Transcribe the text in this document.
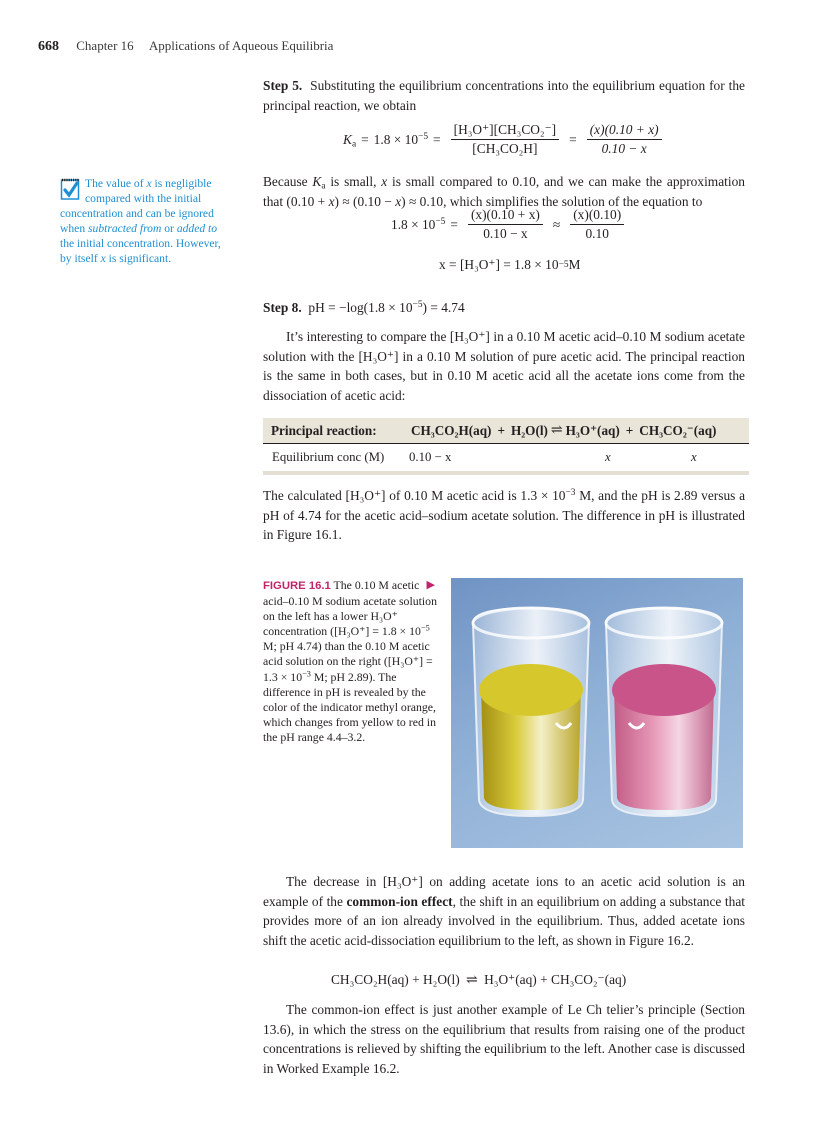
668 Chapter 16 Applications of Aqueous Equilibria

Step 5. Substituting the equilibrium concentrations into the equilibrium equation for the principal reaction, we obtain

$K_a = 1.8 \times 10^{-5} = \frac{\text{[H₃O⁺][CH₃CO₂⁻]}}{\text{[CH₃CO₂H]}} = \frac{(x)(0.10 + x)}{0.10 - x}$

The value of x is negligible compared with the initial concentration and can be ignored when subtracted from or added to the initial concentration. However, by itself x is significant.

Because $K_a$ is small, x is small compared to 0.10, and we can make the approximation that (0.10 + x) ≈ (0.10 − x) ≈ 0.10, which simplifies the solution of the equation to

$1.8 \times 10^{-5} = \frac{(x)(0.10 + x)}{0.10 - x} \approx \frac{(x)(0.10)}{0.10}$
x = [H₃O⁺] = 1.8 × 10 −5 M

Step 8. pH = $-\log(1.8 \times 10^{-5}) = 4.74$

It’s interesting to compare the [H₃O⁺] in a 0.10 M acetic acid–0.10 M sodium acetate solution with the [H₃O⁺] in a 0.10 M solution of pure acetic acid. The principal reaction is the same in both cases, but in 0.10 M acetic acid all the acetate ions come from the dissociation of acetic acid:

Principal reaction:	CH₃CO₂H(aq) + H₂O(l) ⇌ H₃O⁺(aq) + CH₃CO₂⁻(aq)
Equilibrium conc (M)	0.10 − x	x	x

The calculated [H₃O⁺] of 0.10 M acetic acid is $1.3 \times 10^{-3}$ M, and the pH is 2.89 versus a pH of 4.74 for the acetic acid–sodium acetate solution. The difference in pH is illustrated in Figure 16.1.

▶
FIGURE 16.1 The 0.10 M acetic acid–0.10 M sodium acetate solution on the left has a lower H₃O⁺ concentration ($[H_3O^+] = 1.8 \times 10^{-5}$ M; pH 4.74) than the 0.10 M acetic acid solution on the right ($[H_3O^+] = 1.3 \times 10^{-3}$ M; pH 2.89). The difference in pH is revealed by the color of the indicator methyl orange, which changes from yellow to red in the pH range 4.4–3.2.

The decrease in [H₃O⁺] on adding acetate ions to an acetic acid solution is an example of the common-ion effect, the shift in an equilibrium on adding a substance that provides more of an ion already involved in the equilibrium. Thus, added acetate ions shift the acetic acid-dissociation equilibrium to the left, as shown in Figure 16.2.

CH₃CO₂H(aq) + H₂O(l) ⇌ H₃O⁺(aq) + CH₃CO₂⁻(aq)

The common-ion effect is just another example of Le Ch telier’s principle (Section 13.6), in which the stress on the equilibrium that results from raising one of the product concentrations is relieved by shifting the equilibrium to the left. Another case is discussed in Worked Example 16.2.
